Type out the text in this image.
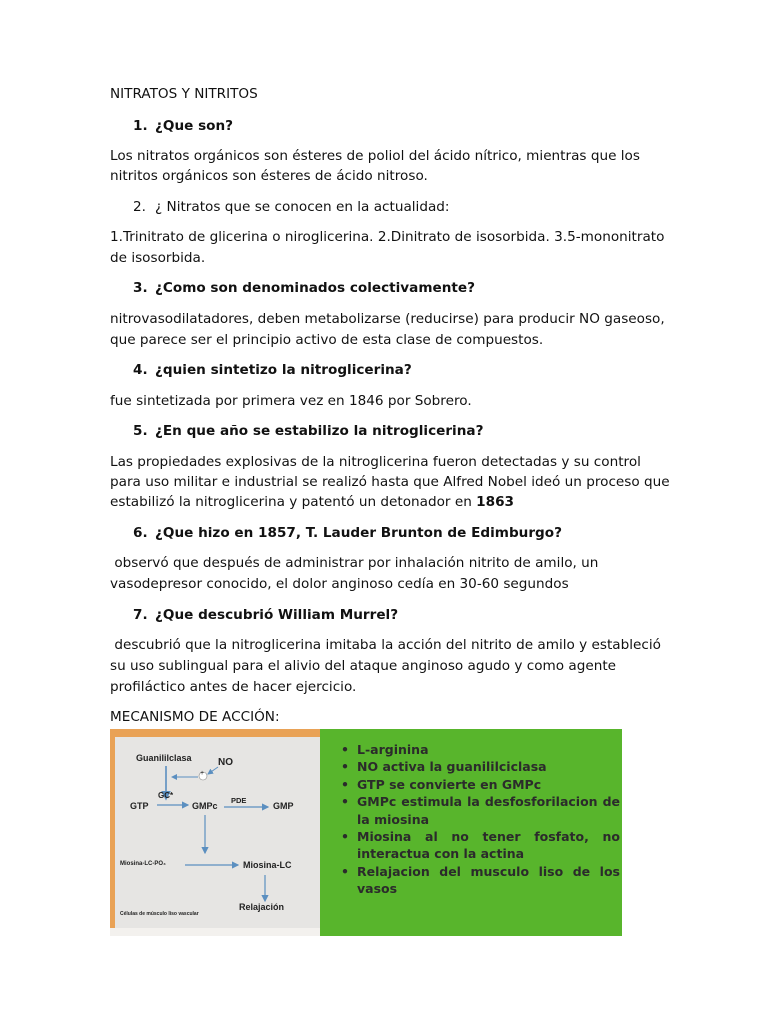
NITRATOS Y NITRITOS
1. ¿Que son?
Los nitratos orgánicos son ésteres de poliol del ácido nítrico, mientras que los
nitritos orgánicos son ésteres de ácido nitroso.
2. ¿ Nitratos que se conocen en la actualidad:
1.Trinitrato de glicerina o niroglicerina. 2.Dinitrato de isosorbida. 3.5-mononitrato
de isosorbida.
3. ¿Como son denominados colectivamente?
nitrovasodilatadores, deben metabolizarse (reducirse) para producir NO gaseoso,
que parece ser el principio activo de esta clase de compuestos.
4. ¿quien sintetizo la nitroglicerina?
fue sintetizada por primera vez en 1846 por Sobrero.
5. ¿En que año se estabilizo la nitroglicerina?
Las propiedades explosivas de la nitroglicerina fueron detectadas y su control
para uso militar e industrial se realizó hasta que Alfred Nobel ideó un proceso que
estabilizó la nitroglicerina y patentó un detonador en 1863
6. ¿Que hizo en 1857, T. Lauder Brunton de Edimburgo?
observó que después de administrar por inhalación nitrito de amilo, un
vasodepresor conocido, el dolor anginoso cedía en 30-60 segundos
7. ¿Que descubrió William Murrel?
descubrió que la nitroglicerina imitaba la acción del nitrito de amilo y estableció
su uso sublingual para el alivio del ataque anginoso agudo y como agente
profiláctico antes de hacer ejercicio.
MECANISMO DE ACCIÓN:
Guanililclasa	NO
+
GC*
GTP	GMPc
PDE
GMP
Miosina-LC-PO₄	Miosina-LC
Relajación
Células de músculo liso vascular
• L-arginina
• NO activa la guanililciclasa
• GTP se convierte en GMPc
• GMPc estimula la desfosforilacion de la miosina
• Miosina al no tener fosfato, no interactua con la actina
• Relajacion del musculo liso de los vasos
